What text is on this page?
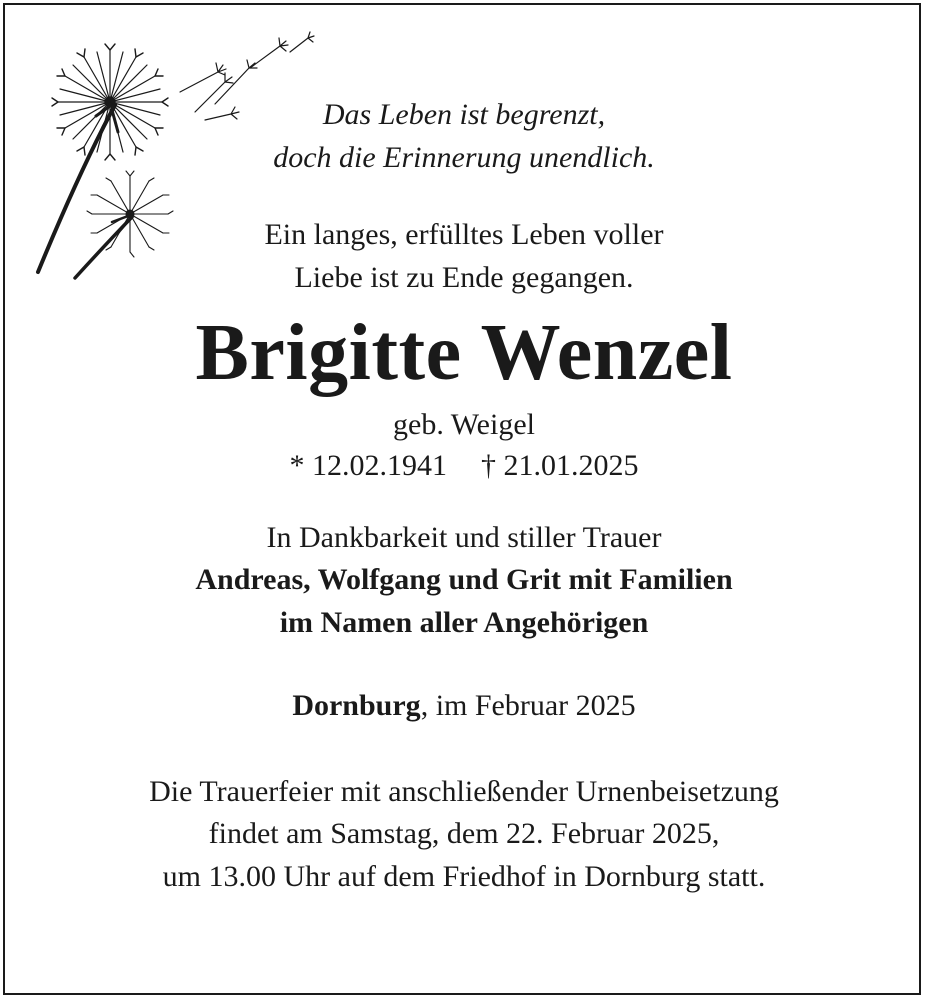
Das Leben ist begrenzt,
doch die Erinnerung unendlich.
Ein langes, erfülltes Leben voller
Liebe ist zu Ende gegangen.
Brigitte Wenzel
geb. Weigel
* 12.02.1941 † 21.01.2025
In Dankbarkeit und stiller Trauer
Andreas, Wolfgang und Grit mit Familien
im Namen aller Angehörigen
Dornburg, im Februar 2025
Die Trauerfeier mit anschließender Urnenbeisetzung
findet am Samstag, dem 22. Februar 2025,
um 13.00 Uhr auf dem Friedhof in Dornburg statt.
